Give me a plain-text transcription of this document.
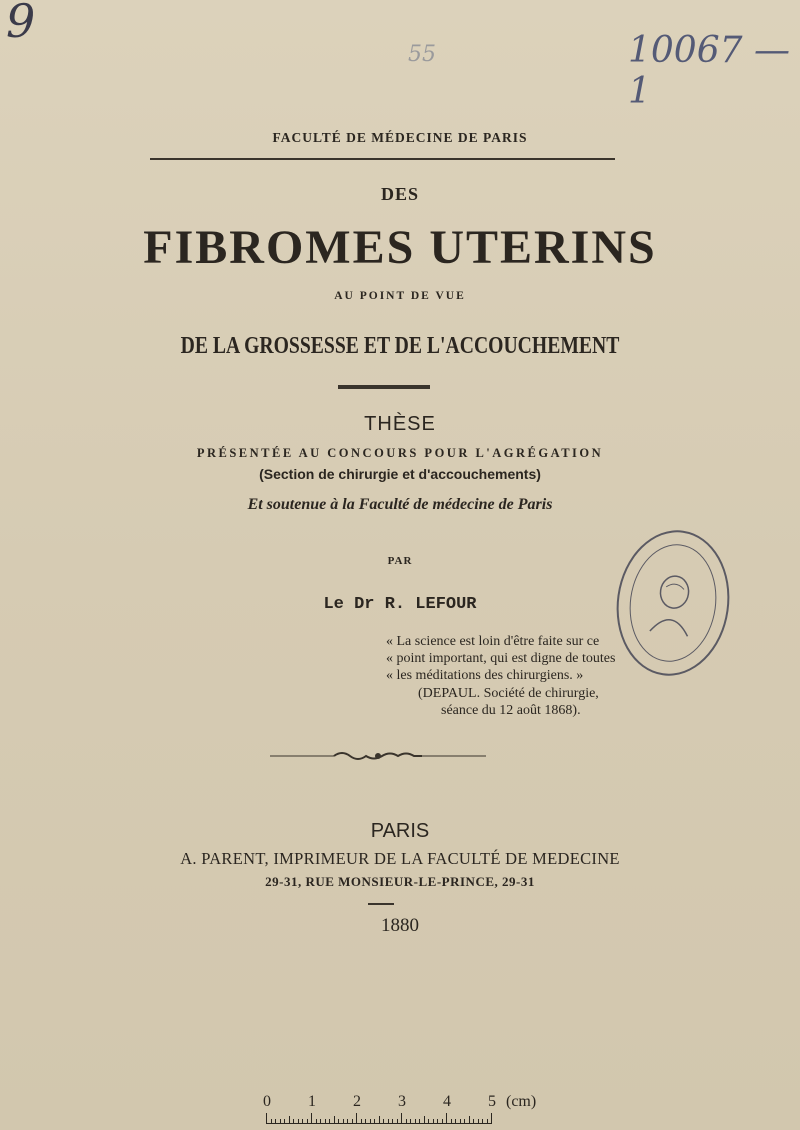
9
55	10067 — 1
FACULTÉ DE MÉDECINE DE PARIS
DES
FIBROMES UTERINS
AU POINT DE VUE
DE LA GROSSESSE ET DE L'ACCOUCHEMENT
THÈSE
PRÉSENTÉE AU CONCOURS POUR L'AGRÉGATION
(Section de chirurgie et d'accouchements)
Et soutenue à la Faculté de médecine de Paris
PAR
Le Dr R. LEFOUR
« La science est loin d'être faite sur ce
« point important, qui est digne de toutes
« les méditations des chirurgiens. »
(DEPAUL. Société de chirurgie,
séance du 12 août 1868).
PARIS
A. PARENT, IMPRIMEUR DE LA FACULTÉ DE MEDECINE
29-31, RUE MONSIEUR-LE-PRINCE, 29-31
1880
0 1 2 3 4 5 (cm)
